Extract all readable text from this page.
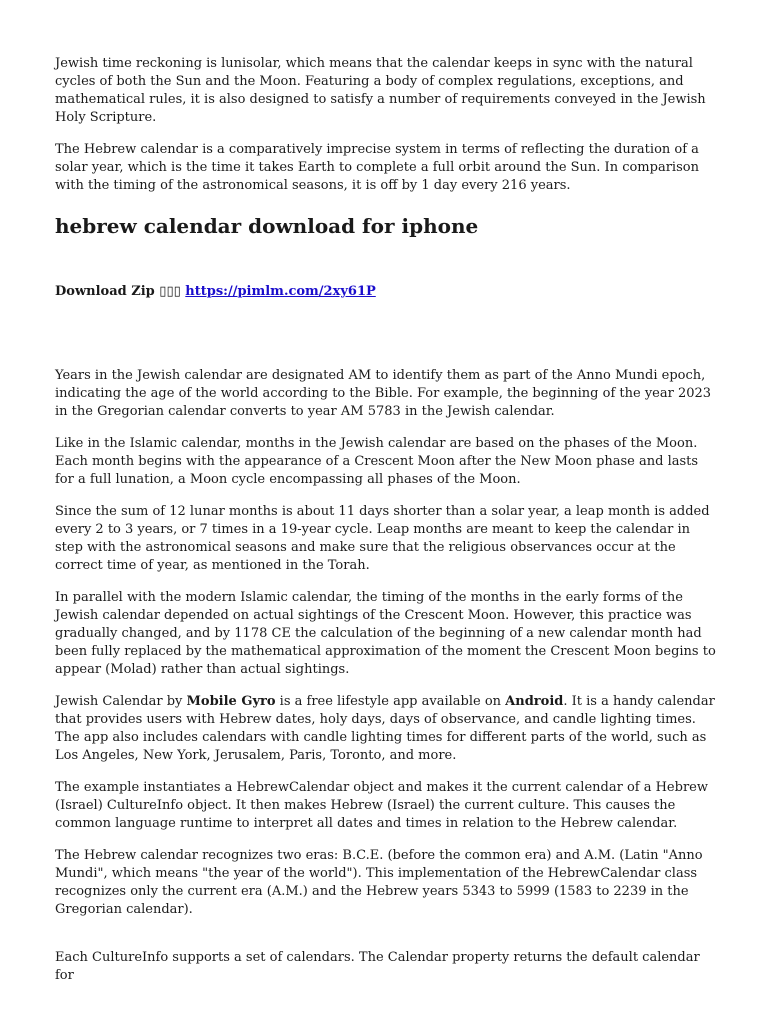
Jewish time reckoning is lunisolar, which means that the calendar keeps in sync with the natural cycles of both the Sun and the Moon. Featuring a body of complex regulations, exceptions, and mathematical rules, it is also designed to satisfy a number of requirements conveyed in the Jewish Holy Scripture.

The Hebrew calendar is a comparatively imprecise system in terms of reflecting the duration of a solar year, which is the time it takes Earth to complete a full orbit around the Sun. In comparison with the timing of the astronomical seasons, it is off by 1 day every 216 years.

hebrew calendar download for iphone
Download Zip ▯▯▯ https://pimlm.com/2xy61P

Years in the Jewish calendar are designated AM to identify them as part of the Anno Mundi epoch, indicating the age of the world according to the Bible. For example, the beginning of the year 2023 in the Gregorian calendar converts to year AM 5783 in the Jewish calendar.

Like in the Islamic calendar, months in the Jewish calendar are based on the phases of the Moon. Each month begins with the appearance of a Crescent Moon after the New Moon phase and lasts for a full lunation, a Moon cycle encompassing all phases of the Moon.

Since the sum of 12 lunar months is about 11 days shorter than a solar year, a leap month is added every 2 to 3 years, or 7 times in a 19-year cycle. Leap months are meant to keep the calendar in step with the astronomical seasons and make sure that the religious observances occur at the correct time of year, as mentioned in the Torah.

In parallel with the modern Islamic calendar, the timing of the months in the early forms of the Jewish calendar depended on actual sightings of the Crescent Moon. However, this practice was gradually changed, and by 1178 CE the calculation of the beginning of a new calendar month had been fully replaced by the mathematical approximation of the moment the Crescent Moon begins to appear (Molad) rather than actual sightings.

Jewish Calendar by Mobile Gyro is a free lifestyle app available on Android. It is a handy calendar that provides users with Hebrew dates, holy days, days of observance, and candle lighting times. The app also includes calendars with candle lighting times for different parts of the world, such as Los Angeles, New York, Jerusalem, Paris, Toronto, and more.

The example instantiates a HebrewCalendar object and makes it the current calendar of a Hebrew (Israel) CultureInfo object. It then makes Hebrew (Israel) the current culture. This causes the common language runtime to interpret all dates and times in relation to the Hebrew calendar.

The Hebrew calendar recognizes two eras: B.C.E. (before the common era) and A.M. (Latin "Anno Mundi", which means "the year of the world"). This implementation of the HebrewCalendar class recognizes only the current era (A.M.) and the Hebrew years 5343 to 5999 (1583 to 2239 in the Gregorian calendar).

Each CultureInfo supports a set of calendars. The Calendar property returns the default calendar for
